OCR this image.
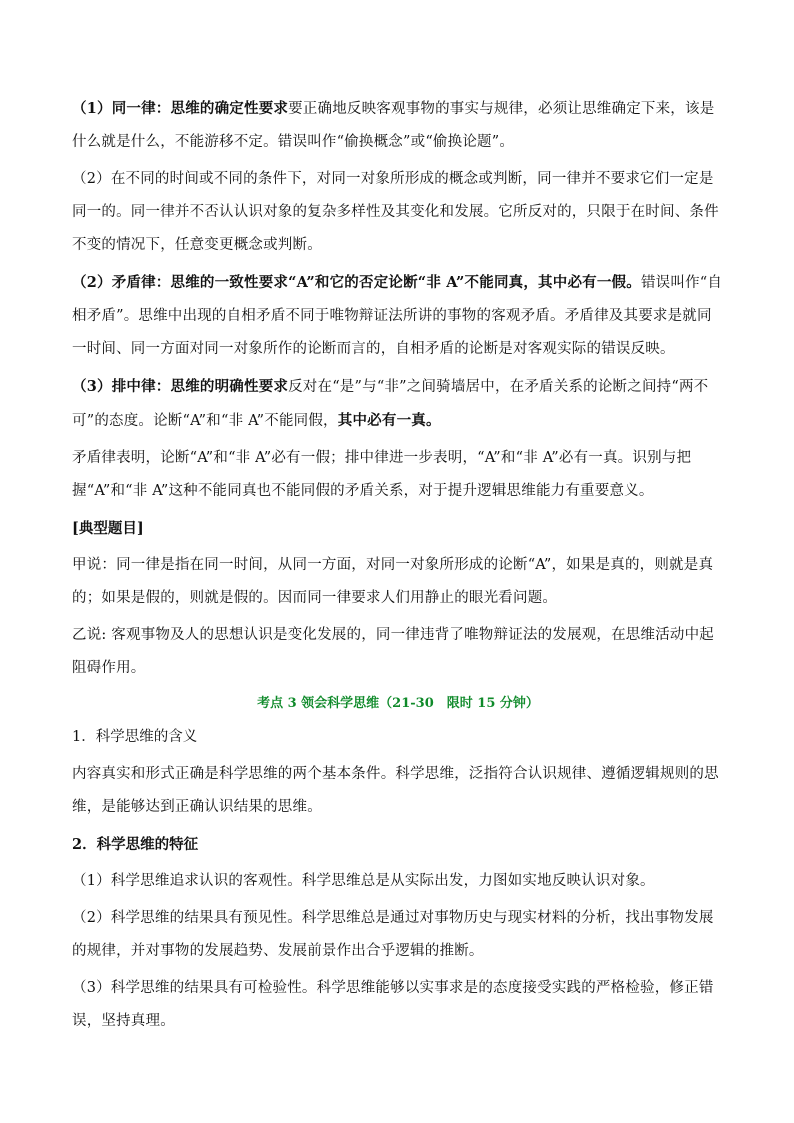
（1）同一律：思维的确定性要求要正确地反映客观事物的事实与规律，必须让思维确定下来，该是什么就是什么，不能游移不定。错误叫作“偷换概念”或“偷换论题”。

（2）在不同的时间或不同的条件下，对同一对象所形成的概念或判断，同一律并不要求它们一定是同一的。同一律并不否认认识对象的复杂多样性及其变化和发展。它所反对的，只限于在时间、条件不变的情况下，任意变更概念或判断。

（2）矛盾律：思维的一致性要求“A”和它的否定论断“非 A”不能同真，其中必有一假。错误叫作“自相矛盾”。思维中出现的自相矛盾不同于唯物辩证法所讲的事物的客观矛盾。矛盾律及其要求是就同一时间、同一方面对同一对象所作的论断而言的，自相矛盾的论断是对客观实际的错误反映。

（3）排中律：思维的明确性要求反对在“是”与“非”之间骑墙居中，在矛盾关系的论断之间持“两不可”的态度。论断“A”和“非 A”不能同假，其中必有一真。

矛盾律表明，论断“A”和“非 A”必有一假；排中律进一步表明，“A”和“非 A”必有一真。识别与把握“A”和“非 A”这种不能同真也不能同假的矛盾关系，对于提升逻辑思维能力有重要意义。

[典型题目]

甲说：同一律是指在同一时间，从同一方面，对同一对象所形成的论断“A”，如果是真的，则就是真的；如果是假的，则就是假的。因而同一律要求人们用静止的眼光看问题。

乙说: 客观事物及人的思想认识是变化发展的，同一律违背了唯物辩证法的发展观，在思维活动中起阻碍作用。

考点 3 领会科学思维（21-30　限时 15 分钟）

1．科学思维的含义

内容真实和形式正确是科学思维的两个基本条件。科学思维，泛指符合认识规律、遵循逻辑规则的思维，是能够达到正确认识结果的思维。

2．科学思维的特征

（1）科学思维追求认识的客观性。科学思维总是从实际出发，力图如实地反映认识对象。

（2）科学思维的结果具有预见性。科学思维总是通过对事物历史与现实材料的分析，找出事物发展的规律，并对事物的发展趋势、发展前景作出合乎逻辑的推断。

（3）科学思维的结果具有可检验性。科学思维能够以实事求是的态度接受实践的严格检验，修正错误，坚持真理。
